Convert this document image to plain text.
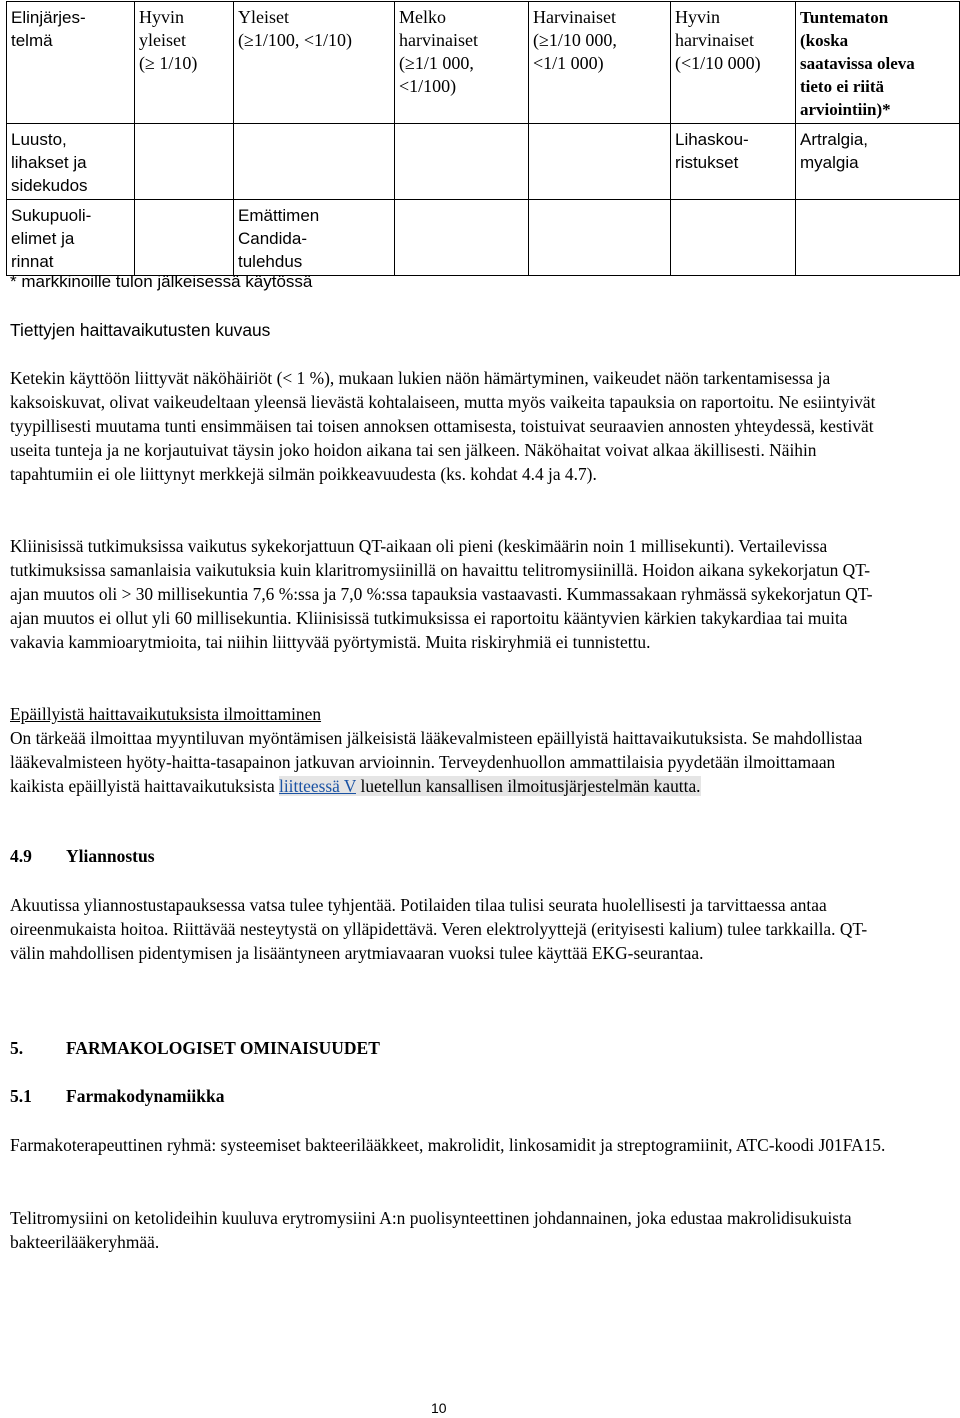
Elinjärjes-
telmä	Hyvin
yleiset
(≥ 1/10)	Yleiset
(≥1/100, <1/10)	Melko
harvinaiset
(≥1/1 000,
<1/100)	Harvinaiset
(≥1/10 000,
<1/1 000)	Hyvin
harvinaiset
(<1/10 000)	Tuntematon
(koska
saatavissa oleva
tieto ei riitä
arviointiin)*
Luusto,
lihakset ja
sidekudos					Lihaskou-
ristukset	Artralgia,
myalgia
Sukupuoli-
elimet ja
rinnat		Emättimen
Candida-
tulehdus				
* markkinoille tulon jälkeisessä käytössä
Tiettyjen haittavaikutusten kuvaus

Ketekin käyttöön liittyvät näköhäiriöt (< 1 %), mukaan lukien näön hämärtyminen, vaikeudet näön tarkentamisessa ja kaksoiskuvat, olivat vaikeudeltaan yleensä lievästä kohtalaiseen, mutta myös vaikeita tapauksia on raportoitu. Ne esiintyivät tyypillisesti muutama tunti ensimmäisen tai toisen annoksen ottamisesta, toistuivat seuraavien annosten yhteydessä, kestivät useita tunteja ja ne korjautuivat täysin joko hoidon aikana tai sen jälkeen. Näköhaitat voivat alkaa äkillisesti. Näihin tapahtumiin ei ole liittynyt merkkejä silmän poikkeavuudesta (ks. kohdat 4.4 ja 4.7).

Kliinisissä tutkimuksissa vaikutus sykekorjattuun QT-aikaan oli pieni (keskimäärin noin 1 millisekunti). Vertailevissa tutkimuksissa samanlaisia vaikutuksia kuin klaritromysiinillä on havaittu telitromysiinillä. Hoidon aikana sykekorjatun QT-ajan muutos oli > 30 millisekuntia 7,6 %:ssa ja 7,0 %:ssa tapauksia vastaavasti. Kummassakaan ryhmässä sykekorjatun QT-ajan muutos ei ollut yli 60 millisekuntia. Kliinisissä tutkimuksissa ei raportoitu kääntyvien kärkien takykardiaa tai muita vakavia kammioarytmioita, tai niihin liittyvää pyörtymistä. Muita riskiryhmiä ei tunnistettu.

Epäillyistä haittavaikutuksista ilmoittaminen

On tärkeää ilmoittaa myyntiluvan myöntämisen jälkeisistä lääkevalmisteen epäillyistä haittavaikutuksista. Se mahdollistaa lääkevalmisteen hyöty-haitta-tasapainon jatkuvan arvioinnin. Terveydenhuollon ammattilaisia pyydetään ilmoittamaan kaikista epäillyistä haittavaikutuksista liitteessä V luetellun kansallisen ilmoitusjärjestelmän kautta.

4.9 Yliannostus

Akuutissa yliannostustapauksessa vatsa tulee tyhjentää. Potilaiden tilaa tulisi seurata huolellisesti ja tarvittaessa antaa oireenmukaista hoitoa. Riittävää nesteytystä on ylläpidettävä. Veren elektrolyyttejä (erityisesti kalium) tulee tarkkailla. QT-välin mahdollisen pidentymisen ja lisääntyneen arytmiavaaran vuoksi tulee käyttää EKG-seurantaa.

5. FARMAKOLOGISET OMINAISUUDET
5.1 Farmakodynamiikka

Farmakoterapeuttinen ryhmä: systeemiset bakteerilääkkeet, makrolidit, linkosamidit ja streptogramiinit, ATC-koodi J01FA15.

Telitromysiini on ketolideihin kuuluva erytromysiini A:n puolisynteettinen johdannainen, joka edustaa makrolidisukuista bakteerilääkeryhmää.

10
